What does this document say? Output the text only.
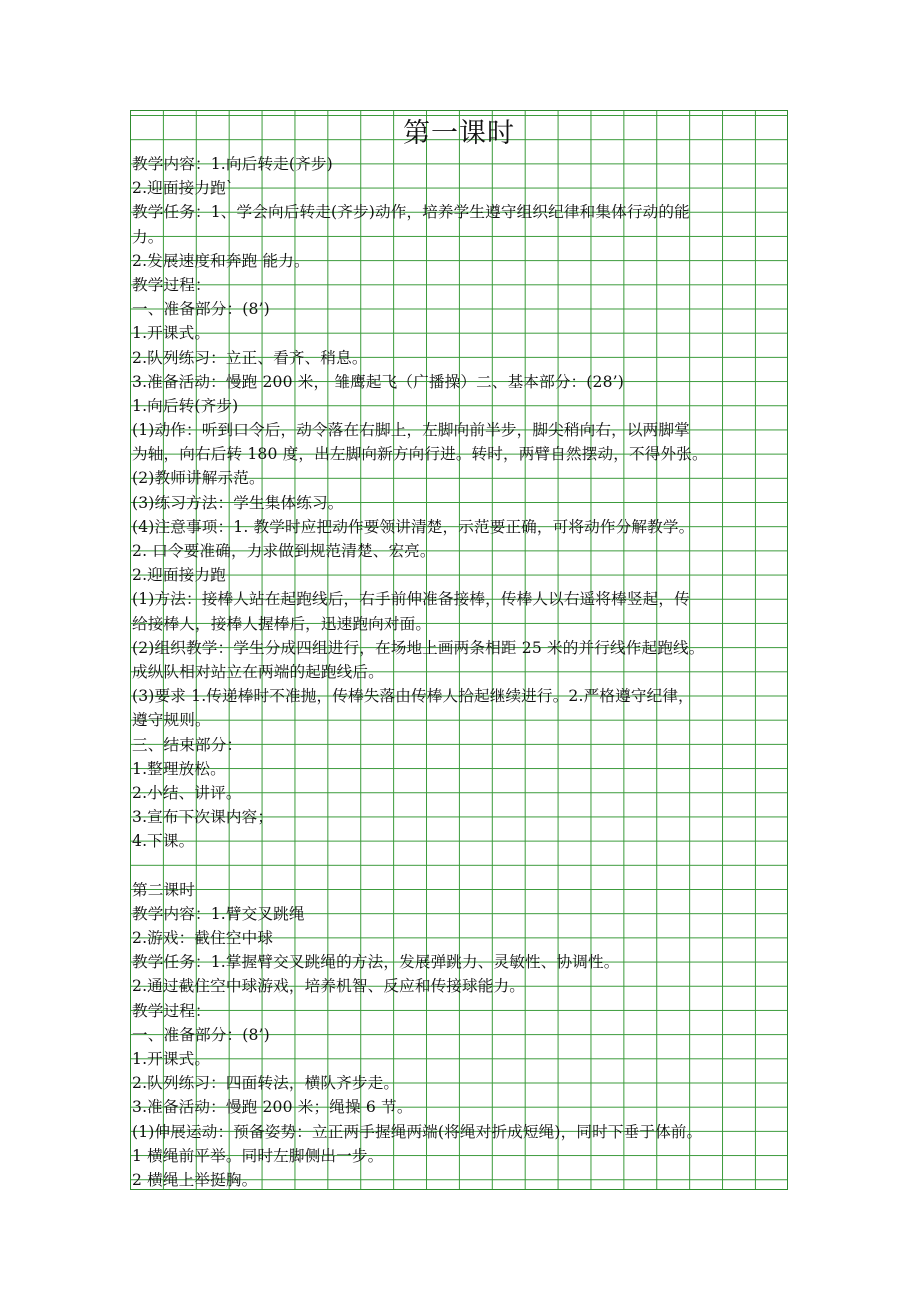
第一课时
教学内容：1.向后转走(齐步)
2.迎面接力跑`
教学任务：1、学会向后转走(齐步)动作，培养学生遵守组织纪律和集体行动的能
力。
2.发展速度和奔跑 能力。
教学过程：
一、准备部分：(8’)
1.开课式。
2.队列练习：立正、看齐、稍息。
3.准备活动：慢跑 200 米， 雏鹰起飞（广播操）二、基本部分：(28’)
1.向后转(齐步)
(1)动作：听到口令后，动令落在右脚上，左脚向前半步，脚尖稍向右，以两脚掌
为轴，向右后转 180 度，出左脚向新方向行进。转时，两臂自然摆动，不得外张。
(2)教师讲解示范。
(3)练习方法：学生集体练习。
(4)注意事项：1. 教学时应把动作要领讲清楚，示范要正确，可将动作分解教学。
2. 口令要准确，力求做到规范清楚、宏亮。
2.迎面接力跑
(1)方法：接棒人站在起跑线后，右手前伸准备接棒，传棒人以右遥将棒竖起，传
给接棒人，接棒人握棒后，迅速跑向对面。
(2)组织教学：学生分成四组进行，在场地上画两条相距 25 米的并行线作起跑线。
成纵队相对站立在两端的起跑线后。
(3)要求 1.传递棒时不准抛，传棒失落由传棒人拾起继续进行。2.严格遵守纪律，
遵守规则。
三、结束部分：
1.整理放松。
2.小结、讲评。
3.宣布下次课内容；
4.下课。
第二课时
教学内容：1.臂交叉跳绳
2.游戏：截住空中球
教学任务：1.掌握臂交叉跳绳的方法，发展弹跳力、灵敏性、协调性。
2.通过截住空中球游戏，培养机智、反应和传接球能力。
教学过程：
一、准备部分：(8’)
1.开课式。
2.队列练习：四面转法，横队齐步走。
3.准备活动：慢跑 200 米；绳操 6 节。
(1)伸展运动：预备姿势：立正两手握绳两端(将绳对折成短绳)，同时下垂于体前。
1 横绳前平举。同时左脚侧出一步。
2 横绳上举挺胸。
